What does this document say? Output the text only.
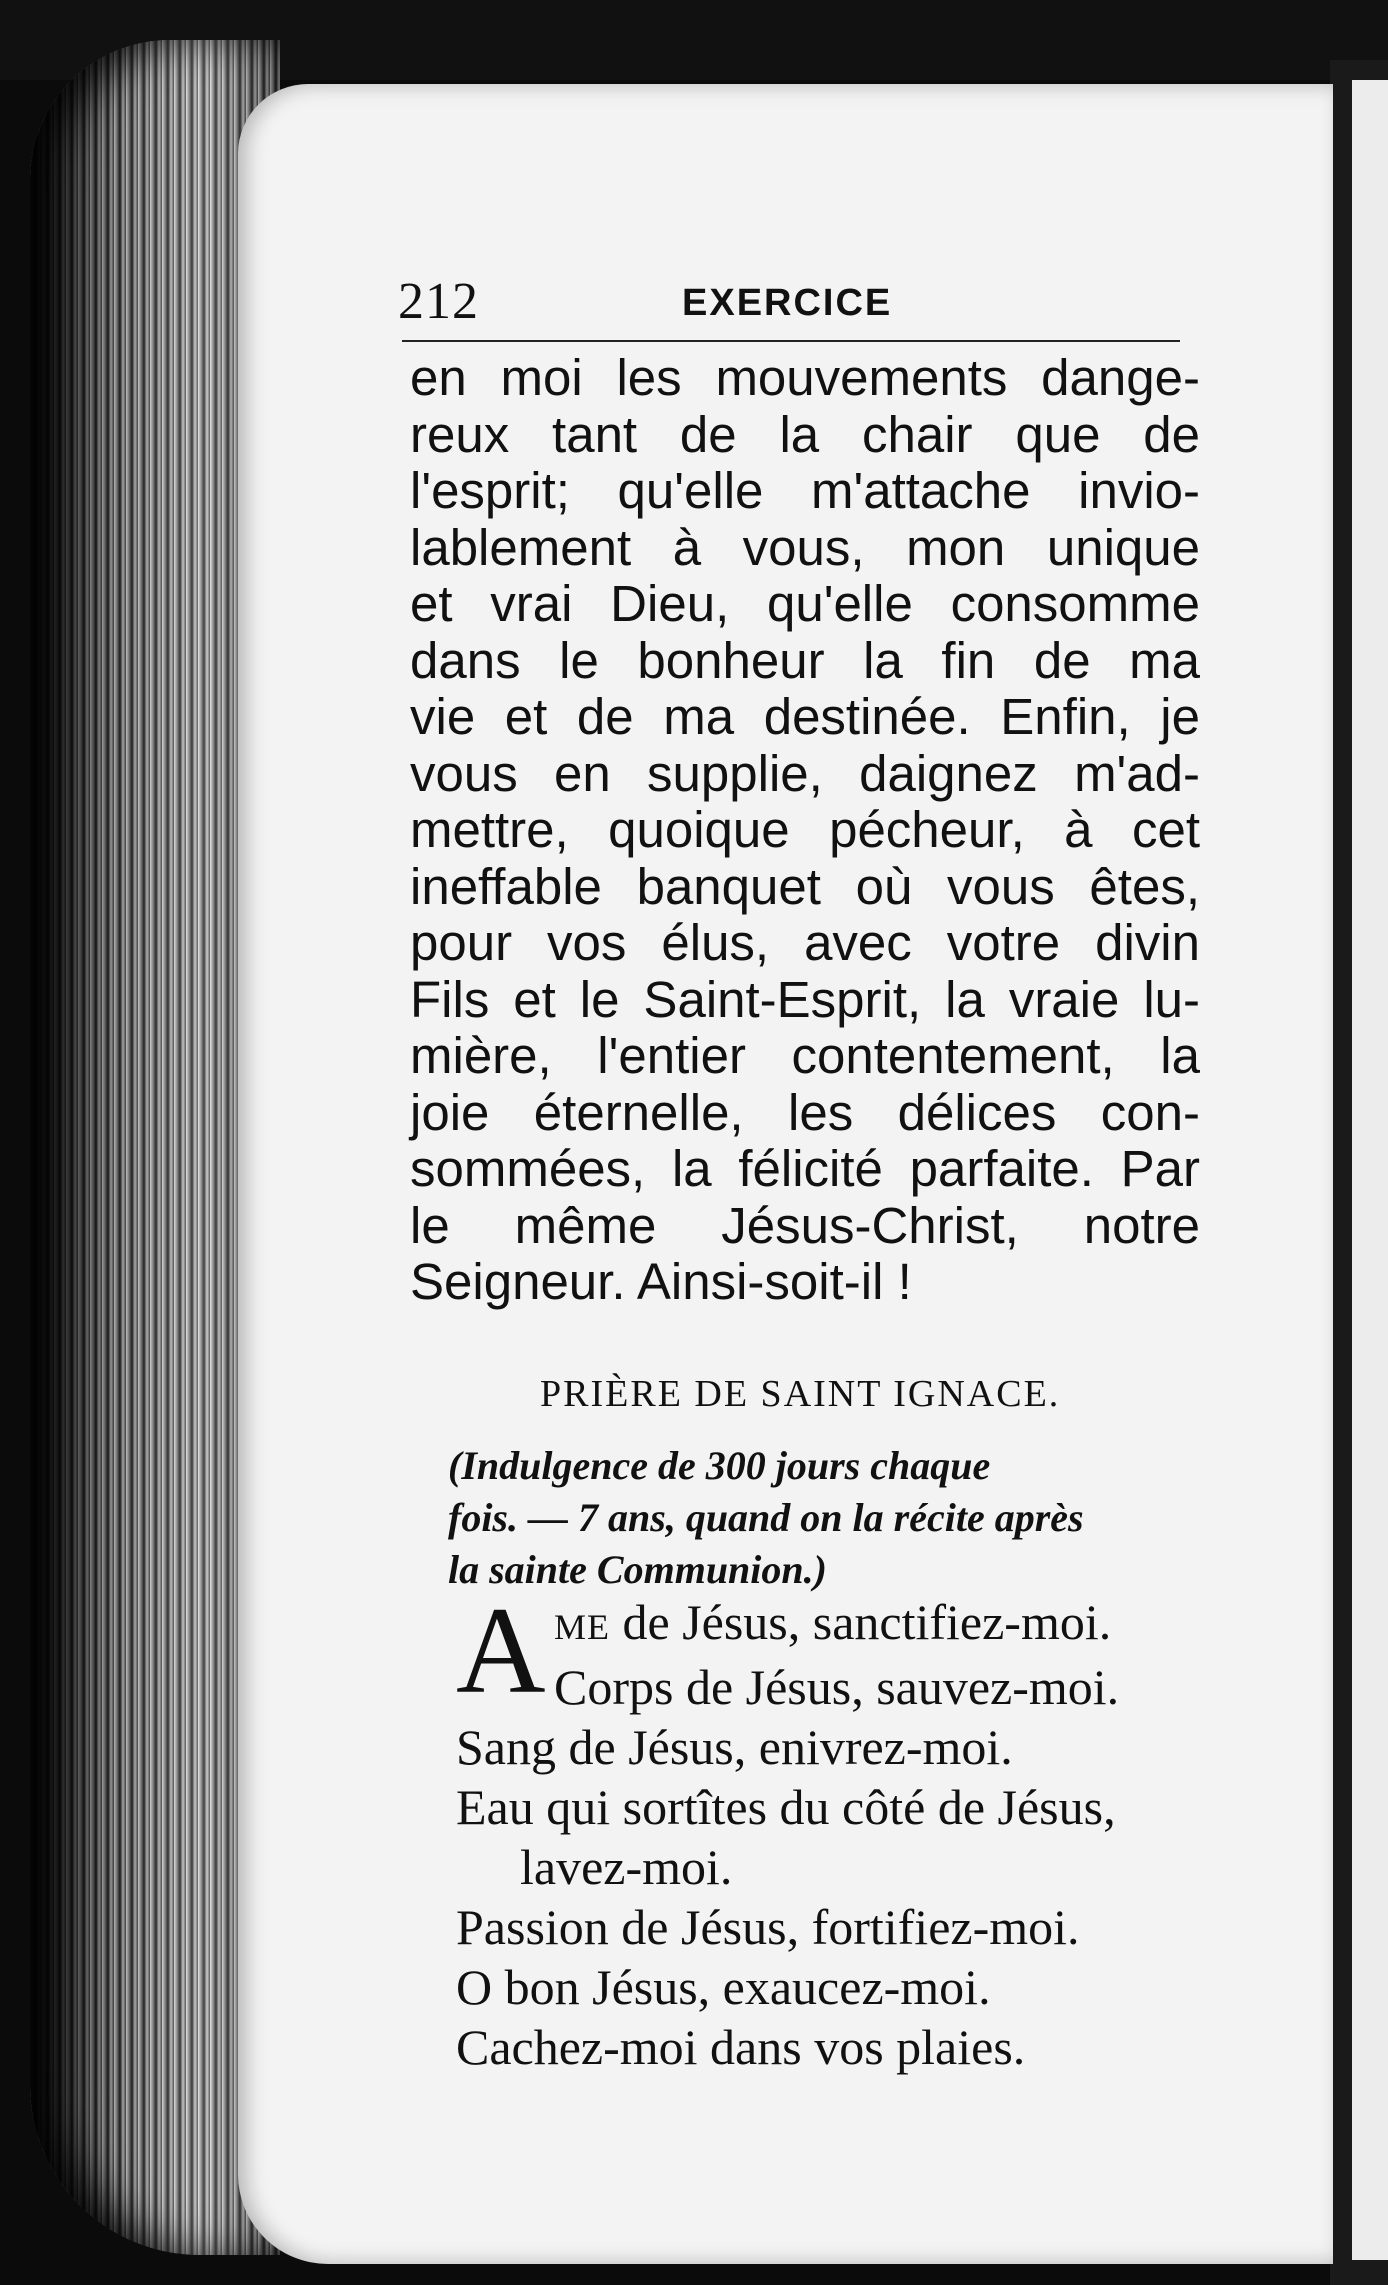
212	EXERCICE
en moi les mouvements dange-
reux tant de la chair que de
l'esprit; qu'elle m'attache invio-
lablement à vous, mon unique
et vrai Dieu, qu'elle consomme
dans le bonheur la fin de ma
vie et de ma destinée. Enfin, je
vous en supplie, daignez m'ad-
mettre, quoique pécheur, à cet
ineffable banquet où vous êtes,
pour vos élus, avec votre divin
Fils et le Saint-Esprit, la vraie lu-
mière, l'entier contentement, la
joie éternelle, les délices con-
sommées, la félicité parfaite. Par
le même Jésus-Christ, notre
Seigneur. Ainsi-soit-il !
PRIÈRE DE SAINT IGNACE.
(Indulgence de 300 jours chaque
fois. — 7 ans, quand on la récite après
la sainte Communion.)
A ME de Jésus, sanctifiez-moi.
Corps de Jésus, sauvez-moi.
Sang de Jésus, enivrez-moi.
Eau qui sortîtes du côté de Jésus,
lavez-moi.
Passion de Jésus, fortifiez-moi.
O bon Jésus, exaucez-moi.
Cachez-moi dans vos plaies.
